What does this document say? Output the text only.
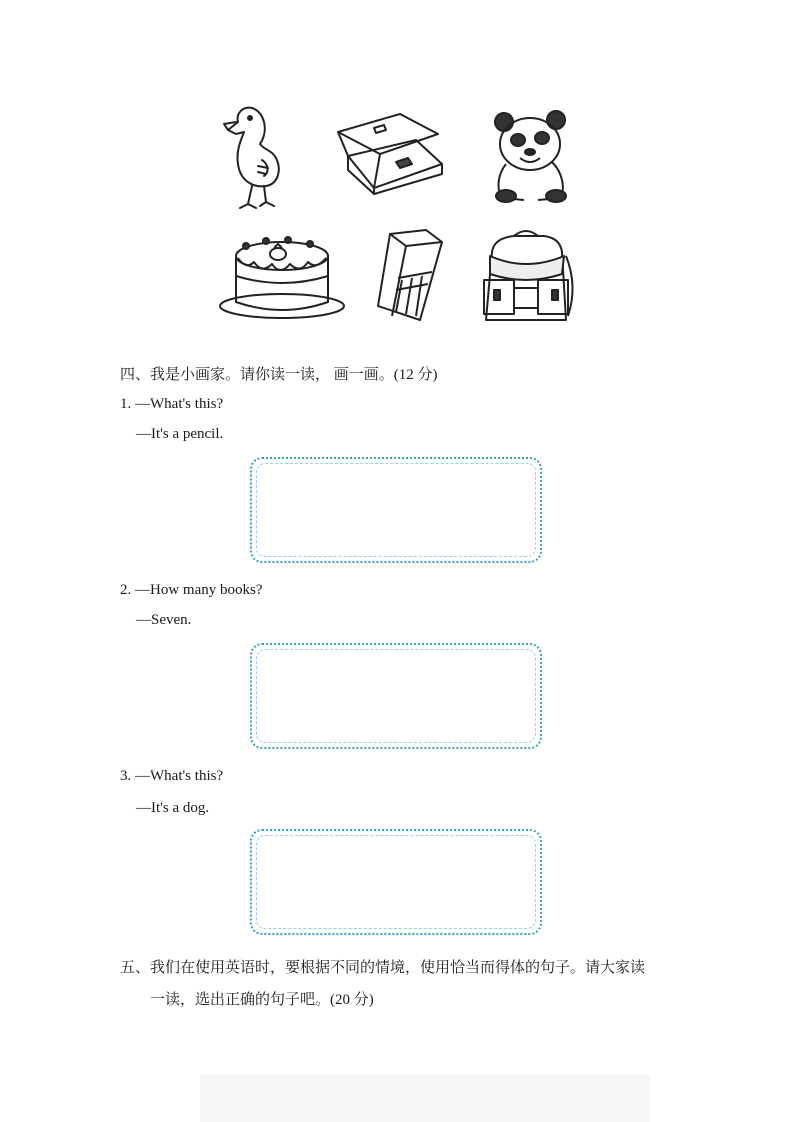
四、我是小画家。请你读一读， 画一画。(12 分)
1. —What's this?
—It's a pencil.
2. —How many books?
—Seven.
3. —What's this?
—It's a dog.
五、我们在使用英语时，要根据不同的情境，使用恰当而得体的句子。请大家读
一读，选出正确的句子吧。(20 分)
